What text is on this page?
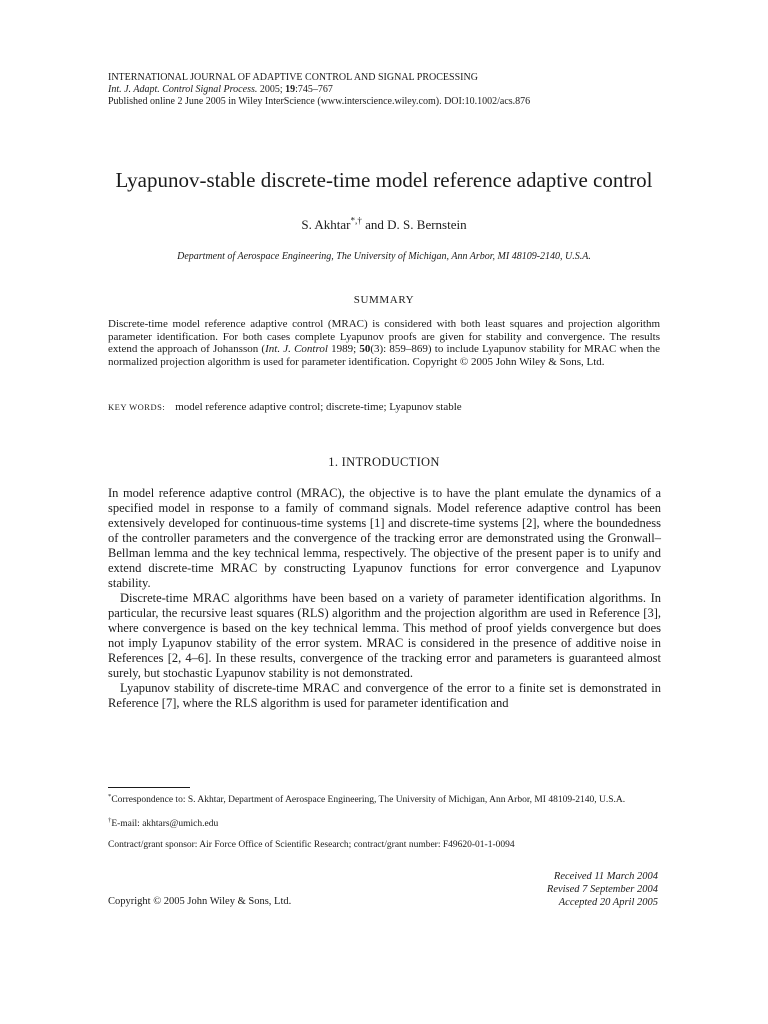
INTERNATIONAL JOURNAL OF ADAPTIVE CONTROL AND SIGNAL PROCESSING
Int. J. Adapt. Control Signal Process. 2005; 19:745–767
Published online 2 June 2005 in Wiley InterScience (www.interscience.wiley.com). DOI:10.1002/acs.876
Lyapunov-stable discrete-time model reference adaptive control
S. Akhtar*,† and D. S. Bernstein
Department of Aerospace Engineering, The University of Michigan, Ann Arbor, MI 48109-2140, U.S.A.
SUMMARY
Discrete-time model reference adaptive control (MRAC) is considered with both least squares and projection algorithm parameter identification. For both cases complete Lyapunov proofs are given for stability and convergence. The results extend the approach of Johansson (Int. J. Control 1989; 50(3): 859–869) to include Lyapunov stability for MRAC when the normalized projection algorithm is used for parameter identification. Copyright © 2005 John Wiley & Sons, Ltd.
KEY WORDS: model reference adaptive control; discrete-time; Lyapunov stable
1. INTRODUCTION

In model reference adaptive control (MRAC), the objective is to have the plant emulate the dynamics of a specified model in response to a family of command signals. Model reference adaptive control has been extensively developed for continuous-time systems [1] and discrete-time systems [2], where the boundedness of the controller parameters and the convergence of the tracking error are demonstrated using the Gronwall–Bellman lemma and the key technical lemma, respectively. The objective of the present paper is to unify and extend discrete-time MRAC by constructing Lyapunov functions for error convergence and Lyapunov stability.

Discrete-time MRAC algorithms have been based on a variety of parameter identification algorithms. In particular, the recursive least squares (RLS) algorithm and the projection algorithm are used in Reference [3], where convergence is based on the key technical lemma. This method of proof yields convergence but does not imply Lyapunov stability of the error system. MRAC is considered in the presence of additive noise in References [2, 4–6]. In these results, convergence of the tracking error and parameters is guaranteed almost surely, but stochastic Lyapunov stability is not demonstrated.

Lyapunov stability of discrete-time MRAC and convergence of the error to a finite set is demonstrated in Reference [7], where the RLS algorithm is used for parameter identification and

*Correspondence to: S. Akhtar, Department of Aerospace Engineering, The University of Michigan, Ann Arbor, MI 48109-2140, U.S.A.
†E-mail: akhtars@umich.edu
Contract/grant sponsor: Air Force Office of Scientific Research; contract/grant number: F49620-01-1-0094
Received 11 March 2004
Revised 7 September 2004
Accepted 20 April 2005
Copyright © 2005 John Wiley & Sons, Ltd.
